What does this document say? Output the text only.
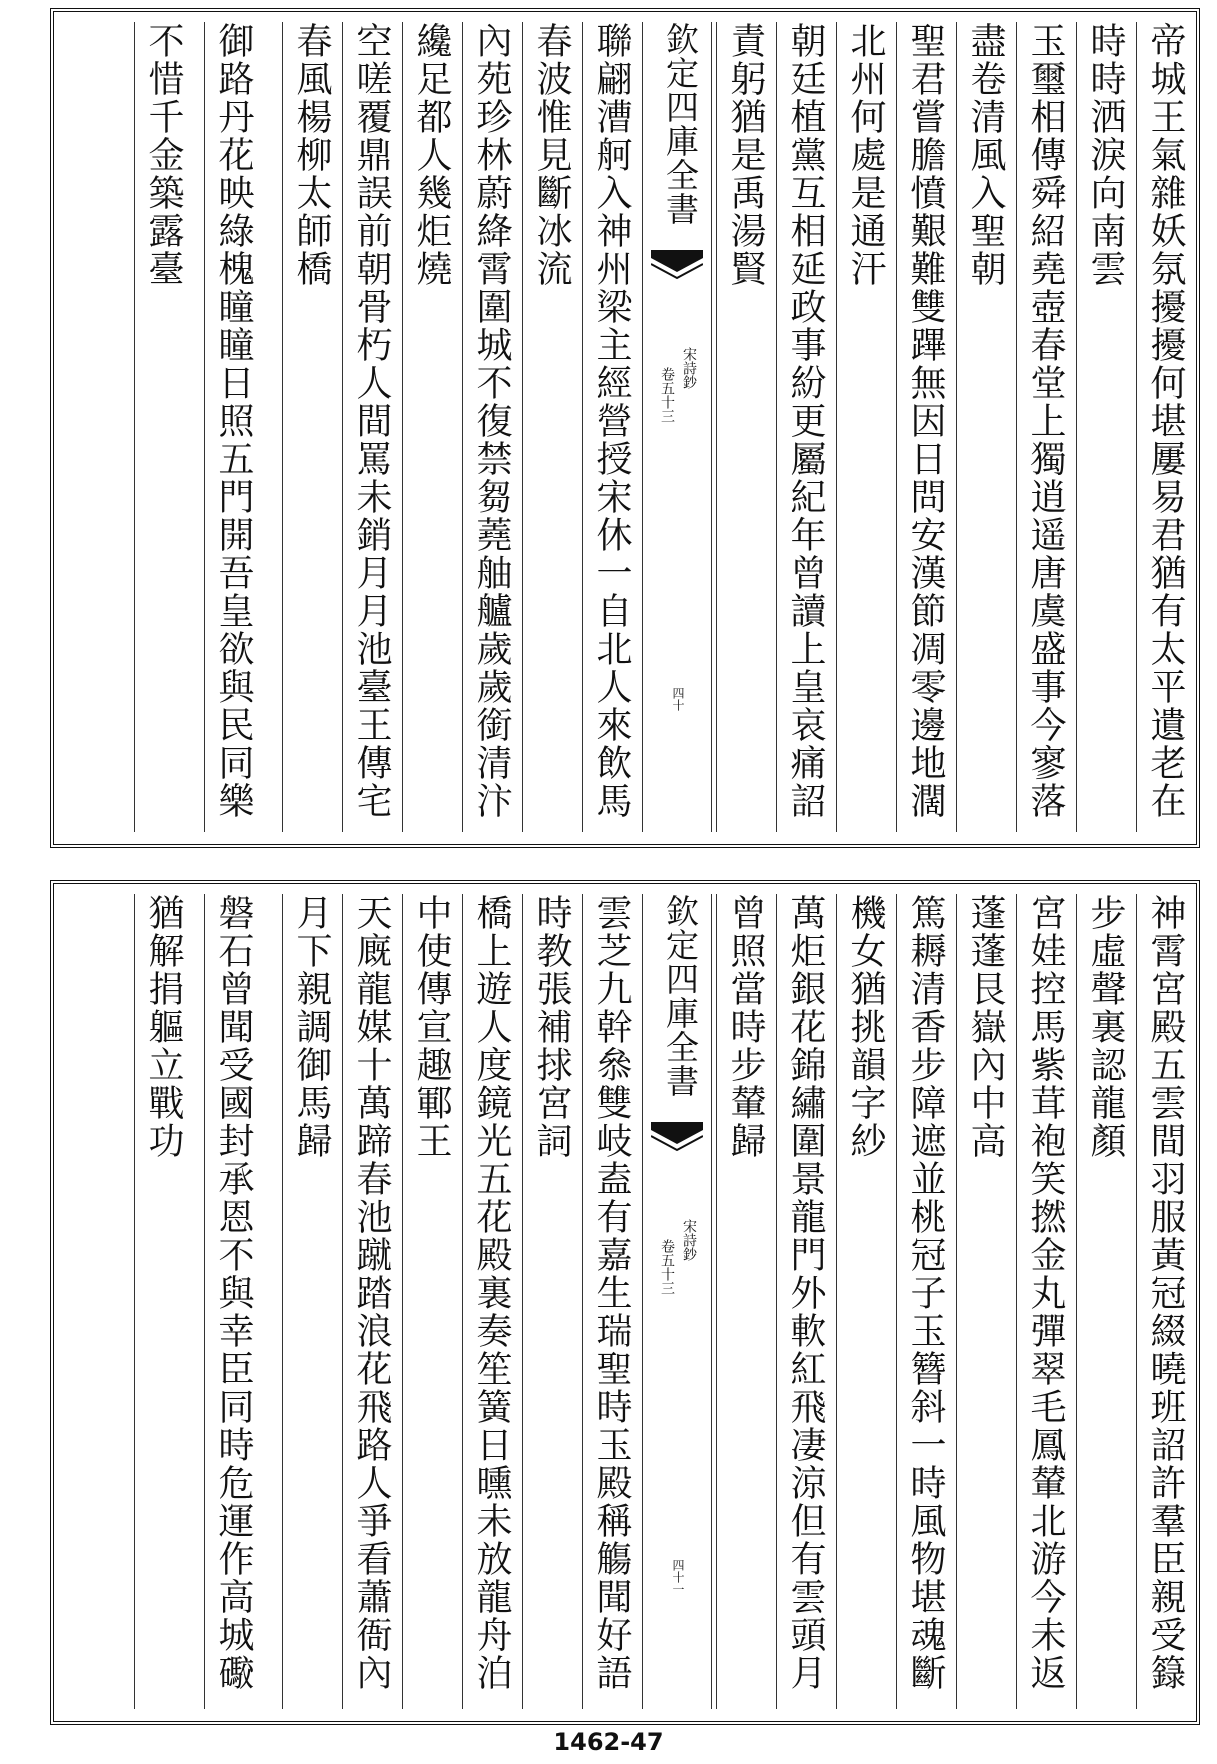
帝城王氣雜妖氛擾擾何堪屢易君猶有太平遺老在
時時洒淚向南雲
玉璽相傳舜紹堯壺春堂上獨逍遥唐虞盛事今寥落
盡卷清風入聖朝
聖君嘗膽憤艱難雙蹕無因日問安漢節凋零邊地濶
北州何處是通汗
朝廷植黨互相延政事紛更屬紀年曾讀上皇哀痛詔
責躬猶是禹湯賢
欽定四庫全書
宋詩鈔
卷五十三
四十
聯翩漕舸入神州梁主經營授宋休一自北人來飲馬
春波惟見斷冰流
內苑珍林蔚絳霄圍城不復禁芻蕘舳艫歲歲銜清汴
纔足都人幾炬燒
空嗟覆鼎誤前朝骨朽人間罵未銷月月池臺王傳宅
春風楊柳太師橋
御路丹花映綠槐瞳瞳日照五門開吾皇欲與民同樂
不惜千金築露臺
神霄宮殿五雲間羽服黃冠綴曉班詔許羣臣親受籙
步虛聲裏認龍顏
宮娃控馬紫茸袍笑撚金丸彈翠毛鳳輦北游今未返
蓬蓬艮嶽內中高
篤耨清香步障遮並桃冠子玉簪斜一時風物堪魂斷
機女猶挑韻字紗
萬炬銀花錦繡圍景龍門外軟紅飛凄涼但有雲頭月
曾照當時步輦歸
欽定四庫全書
宋詩鈔
卷五十三
四十一
雲芝九幹叅雙岐盍有嘉生瑞聖時玉殿稱觴聞好語
時教張補捄宮詞
橋上遊人度鏡光五花殿裏奏笙簧日曛未放龍舟泊
中使傳宣趣鄆王
天廐龍媒十萬蹄春池蹴踏浪花飛路人爭看蕭衙內
月下親調御馬歸
磐石曾聞受國封承恩不與幸臣同時危運作高城礮
猶解捐軀立戰功
1462-47
